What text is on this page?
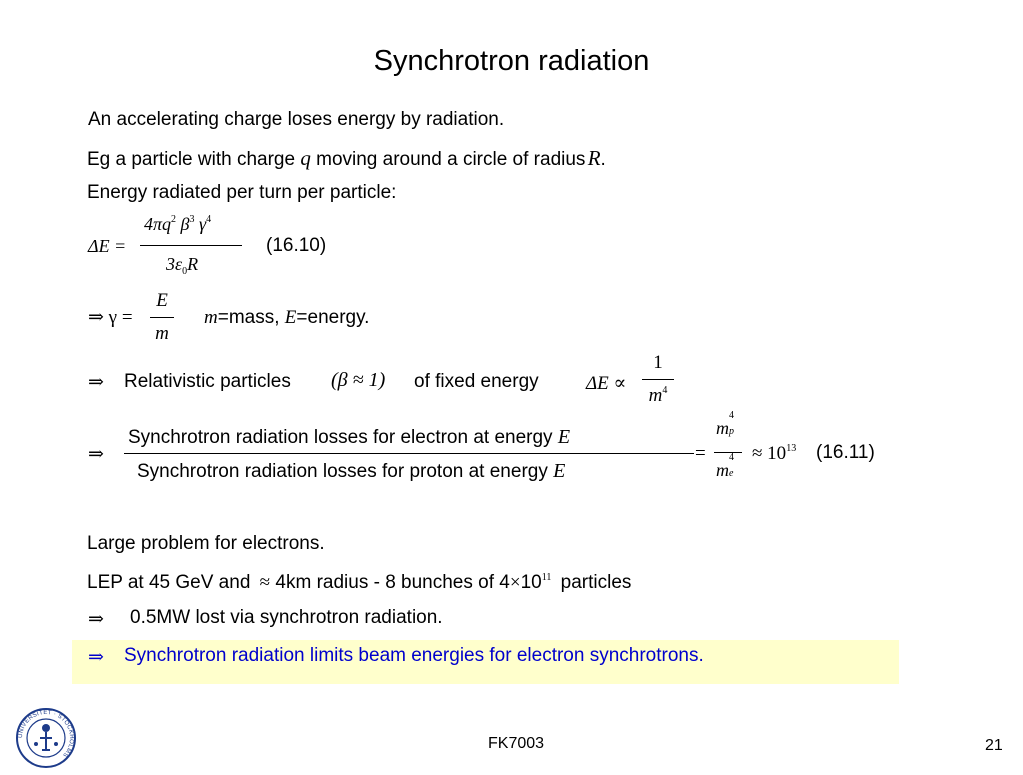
Synchrotron radiation
An accelerating charge loses energy by radiation.
Eg a particle with charge q moving around a circle of radius R.
Energy radiated per turn per particle:
ΔE =
$4\pi q^2$ $\beta^3$ $\gamma^4$
$3\varepsilon_0R$
(16.10)
⇒ γ =
E
m
m=mass, E=energy.
⇒ Relativistic particles (β ≈ 1) of fixed energy ΔE ∝
1
$m^4$
⇒
Synchrotron radiation losses for electron at energy E
Synchrotron radiation losses for proton at energy E
=
m
4
p
m
4
e
≈ $10^{13}$ (16.11)
Large problem for electrons.
LEP at 45 GeV and ≈ 4km radius - 8 bunches of $4\times 10^{11}$ particles
⇒ 0.5MW lost via synchrotron radiation.
⇒ Synchrotron radiation limits beam energies for electron synchrotrons.
UNIVERSITET · STOCKHOLMS
FK7003	21
